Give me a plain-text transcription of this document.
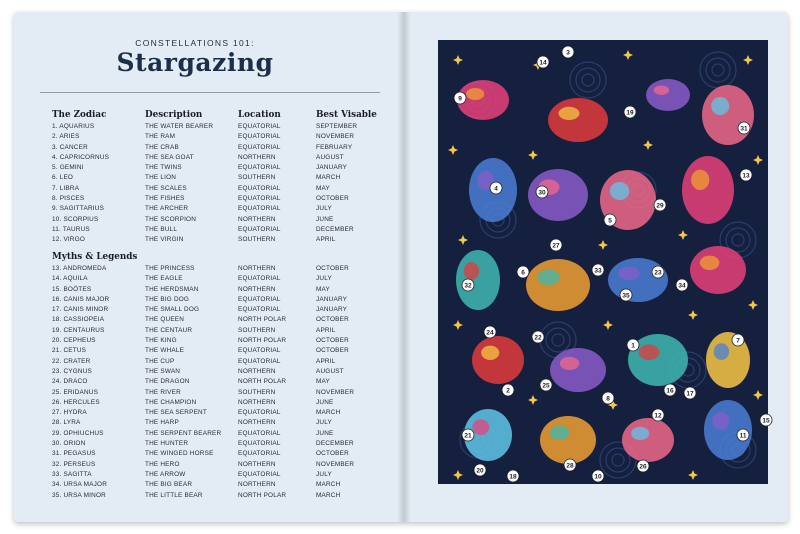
CONSTELLATIONS 101:
Stargazing
The Zodiac	Description	Location	Best Visable
1. AQUARIUS	THE WATER BEARER	EQUATORIAL	SEPTEMBER
2. ARIES	THE RAM	EQUATORIAL	NOVEMBER
3. CANCER	THE CRAB	EQUATORIAL	FEBRUARY
4. CAPRICORNUS	THE SEA GOAT	NORTHERN	AUGUST
5. GEMINI	THE TWINS	EQUATORIAL	JANUARY
6. LEO	THE LION	SOUTHERN	MARCH
7. LIBRA	THE SCALES	EQUATORIAL	MAY
8. PISCES	THE FISHES	EQUATORIAL	OCTOBER
9. SAGITTARIUS	THE ARCHER	EQUATORIAL	JULY
10. SCORPIUS	THE SCORPION	NORTHERN	JUNE
11. TAURUS	THE BULL	EQUATORIAL	DECEMBER
12. VIRGO	THE VIRGIN	SOUTHERN	APRIL
Myths & Legends
13. ANDROMEDA	THE PRINCESS	NORTHERN	OCTOBER
14. AQUILA	THE EAGLE	EQUATORIAL	JULY
15. BOÖTES	THE HERDSMAN	NORTHERN	MAY
16. CANIS MAJOR	THE BIG DOG	EQUATORIAL	JANUARY
17. CANIS MINOR	THE SMALL DOG	EQUATORIAL	JANUARY
18. CASSIOPEIA	THE QUEEN	NORTH POLAR	OCTOBER
19. CENTAURUS	THE CENTAUR	SOUTHERN	APRIL
20. CEPHEUS	THE KING	NORTH POLAR	OCTOBER
21. CETUS	THE WHALE	EQUATORIAL	OCTOBER
22. CRATER	THE CUP	EQUATORIAL	APRIL
23. CYGNUS	THE SWAN	NORTHERN	AUGUST
24. DRACO	THE DRAGON	NORTH POLAR	MAY
25. ERIDANUS	THE RIVER	SOUTHERN	NOVEMBER
26. HERCULES	THE CHAMPION	NORTHERN	JUNE
27. HYDRA	THE SEA SERPENT	EQUATORIAL	MARCH
28. LYRA	THE HARP	NORTHERN	JULY
29. OPHIUCHUS	THE SERPENT BEARER	EQUATORIAL	JUNE
30. ORION	THE HUNTER	EQUATORIAL	DECEMBER
31. PEGASUS	THE WINGED HORSE	EQUATORIAL	OCTOBER
32. PERSEUS	THE HERO	NORTHERN	NOVEMBER
33. SAGITTA	THE ARROW	EQUATORIAL	JULY
34. URSA MAJOR	THE BIG BEAR	NORTHERN	MARCH
35. URSA MINOR	THE LITTLE BEAR	NORTH POLAR	MARCH
1
2
3
4
5
6
7
8
9
10
11
12
13
14
15
16 17
18
19
20
21
22
23
24
25
26
27
28
29
30
31
32
33
34
35
